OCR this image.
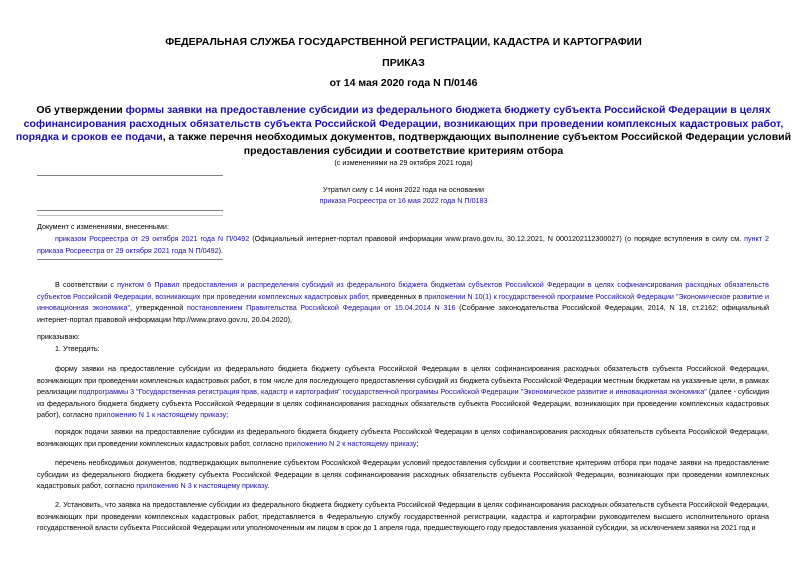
ФЕДЕРАЛЬНАЯ СЛУЖБА ГОСУДАРСТВЕННОЙ РЕГИСТРАЦИИ, КАДАСТРА И КАРТОГРАФИИ
ПРИКАЗ
от 14 мая 2020 года N П/0146
Об утверждении формы заявки на предоставление субсидии из федерального бюджета бюджету субъекта Российской Федерации в целях софинансирования расходных обязательств субъекта Российской Федерации, возникающих при проведении комплексных кадастровых работ, порядка и сроков ее подачи, а также перечня необходимых документов, подтверждающих выполнение субъектом Российской Федерации условий предоставления субсидии и соответствие критериям отбора
(с изменениями на 29 октября 2021 года)
Утратил силу с 14 июня 2022 года на основании
приказа Росреестра от 16 мая 2022 года N П/0183
Документ с изменениями, внесенными:
приказом Росреестра от 29 октября 2021 года N П/0492 (Официальный интернет-портал правовой информации www.pravo.gov.ru, 30.12.2021, N 0001202112300027) (о порядке вступления в силу см. пункт 2 приказа Росреестра от 29 октября 2021 года N П/0492).
В соответствии с пунктом 6 Правил предоставления и распределения субсидий из федерального бюджета бюджетам субъектов Российской Федерации в целях софинансирования расходных обязательств субъектов Российской Федерации, возникающих при проведении комплексных кадастровых работ, приведенных в приложении N 10(1) к государственной программе Российской Федерации "Экономическое развитие и инновационная экономика", утвержденной постановлением Правительства Российской Федерации от 15.04.2014 N 316 (Собрание законодательства Российской Федерации, 2014, N 18, ст.2162; официальный интернет-портал правовой информации http://www.pravo.gov.ru, 20.04.2020),
приказываю:
1. Утвердить:
форму заявки на предоставление субсидии из федерального бюджета бюджету субъекта Российской Федерации в целях софинансирования расходных обязательств субъекта Российской Федерации, возникающих при проведении комплексных кадастровых работ, в том числе для последующего предоставления субсидий из бюджета субъекта Российской Федерации местным бюджетам на указанные цели, в рамках реализации подпрограммы 3 "Государственная регистрация прав, кадастр и картография" государственной программы Российской Федерации "Экономическое развитие и инновационная экономика" (далее - субсидия из федерального бюджета бюджету субъекта Российской Федерации в целях софинансирования расходных обязательств субъекта Российской Федерации, возникающих при проведении комплексных кадастровых работ), согласно приложению N 1 к настоящему приказу;
порядок подачи заявки на предоставление субсидии из федерального бюджета бюджету субъекта Российской Федерации в целях софинансирования расходных обязательств субъекта Российской Федерации, возникающих при проведении комплексных кадастровых работ, согласно приложению N 2 к настоящему приказу;
перечень необходимых документов, подтверждающих выполнение субъектом Российской Федерации условий предоставления субсидии и соответствие критериям отбора при подаче заявки на предоставление субсидии из федерального бюджета бюджету субъекта Российской Федерации в целях софинансирования расходных обязательств субъекта Российской Федерации, возникающих при проведении комплексных кадастровых работ, согласно приложению N 3 к настоящему приказу.
2. Установить, что заявка на предоставление субсидии из федерального бюджета бюджету субъекта Российской Федерации в целях софинансирования расходных обязательств субъекта Российской Федерации, возникающих при проведении комплексных кадастровых работ, представляется в Федеральную службу государственной регистрации, кадастра и картографии руководителем высшего исполнительного органа государственной власти субъекта Российской Федерации или уполномоченным им лицом в срок до 1 апреля года, предшествующего году предоставления указанной субсидии, за исключением заявки на 2021 год и
